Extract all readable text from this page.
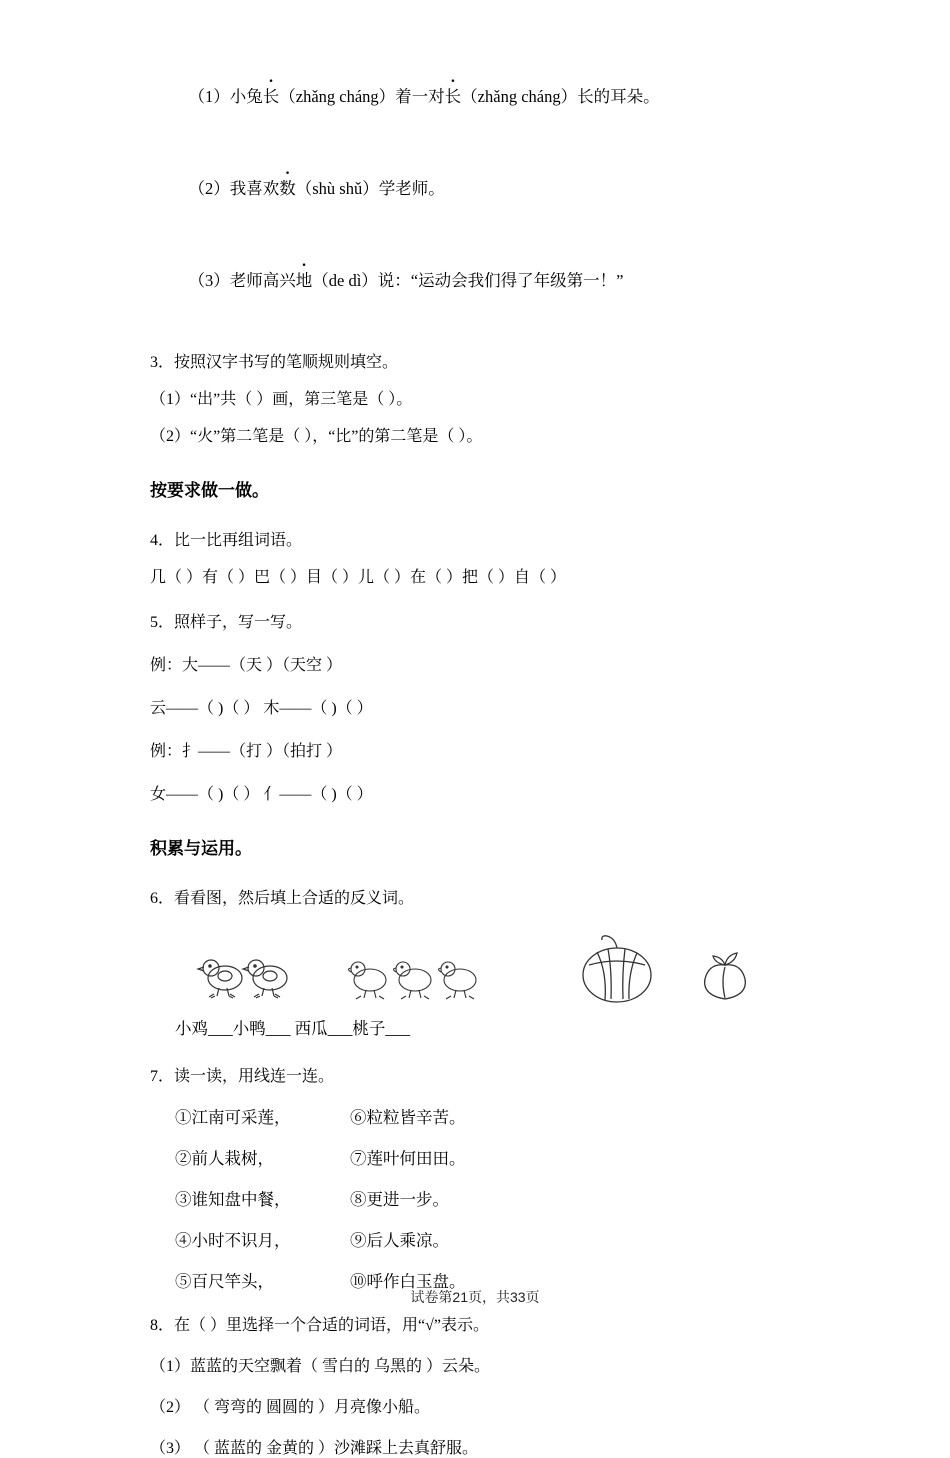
（1）小兔长（zhǎng cháng）着一对长（zhǎng cháng）长的耳朵。

（2）我喜欢数（shù shǔ）学老师。

（3）老师高兴地（de dì）说：“运动会我们得了年级第一！”

3．按照汉字书写的笔顺规则填空。
（1）“出”共（ ）画，第三笔是（ ）。
（2）“火”第二笔是（ ），“比”的第二笔是（ ）。
按要求做一做。
4．比一比再组词语。
几（ ）有（ ）巴（ ）目（ ）儿（ ）在（ ）把（ ）自（ ）
5．照样子，写一写。
例：大——（天 ）（天空 ）
云——（ )（ ） 木——（ )（ ）
例：扌——（打 ）（拍打 ）
女——（ )（ ） 亻——（ )（ ）
积累与运用。
6．看看图，然后填上合适的反义词。
小鸡___小鸭___ 西瓜___桃子___
7．读一读，用线连一连。
①江南可采莲，	⑥粒粒皆辛苦。
②前人栽树，	⑦莲叶何田田。
③谁知盘中餐，	⑧更进一步。
④小时不识月，	⑨后人乘凉。
⑤百尺竿头，	⑩呼作白玉盘。
8．在（ ）里选择一个合适的词语，用“√”表示。
（1）蓝蓝的天空飘着（ 雪白的 乌黑的 ）云朵。
（2） （ 弯弯的 圆圆的 ）月亮像小船。
（3） （ 蓝蓝的 金黄的 ）沙滩踩上去真舒服。
试卷第21页，共33页
